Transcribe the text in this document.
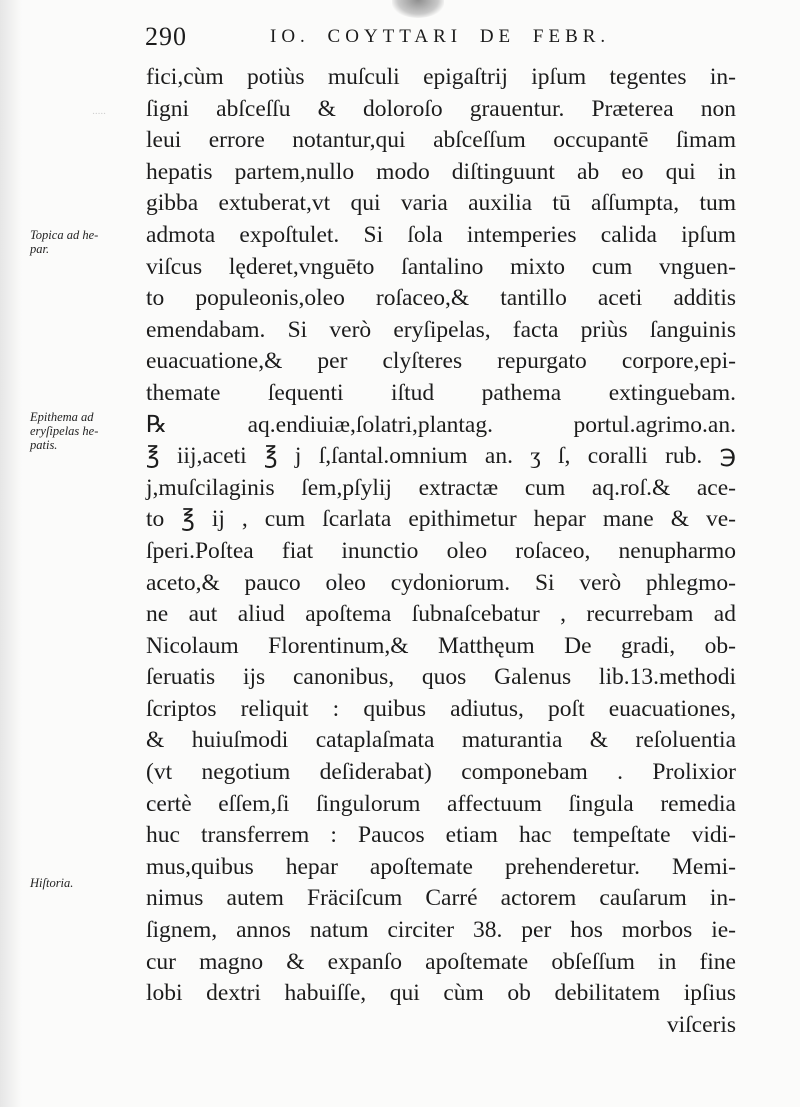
·····
290	IO. COYTTARI DE FEBR.
Topica ad he-
par.
Epithema ad
eryſipelas he-
patis.
Hiſtoria.
fici,cùm potiùs muſculi epigaſtrij ipſum tegentes in-
ſigni abſceſſu & doloroſo grauentur. Præterea non
leui errore notantur,qui abſceſſum occupantē ſimam
hepatis partem,nullo modo diſtinguunt ab eo qui in
gibba extuberat,vt qui varia auxilia tū aſſumpta, tum
admota expoſtulet. Si ſola intemperies calida ipſum
viſcus lęderet,vnguēto ſantalino mixto cum vnguen-
to populeonis,oleo roſaceo,& tantillo aceti additis
emendabam. Si verò eryſipelas, facta priùs ſanguinis
euacuatione,& per clyſteres repurgato corpore,epi-
themate ſequenti iſtud pathema extinguebam.
℞ aq.endiuiæ,ſolatri,plantag. portul.agrimo.an.
℥ iij,aceti ℥ j ſ,ſantal.omnium an. ʒ ſ, coralli rub. ℈
j,muſcilaginis ſem,pſylij extractæ cum aq.roſ.& ace-
to ℥ ij , cum ſcarlata epithimetur hepar mane & ve-
ſperi.Poſtea fiat inunctio oleo roſaceo, nenupharmo
aceto,& pauco oleo cydoniorum. Si verò phlegmo-
ne aut aliud apoſtema ſubnaſcebatur , recurrebam ad
Nicolaum Florentinum,& Matthęum De gradi, ob-
ſeruatis ijs canonibus, quos Galenus lib.13.methodi
ſcriptos reliquit : quibus adiutus, poſt euacuationes,
& huiuſmodi cataplaſmata maturantia & reſoluentia
(vt negotium deſiderabat) componebam . Prolixior
certè eſſem,ſi ſingulorum affectuum ſingula remedia
huc transferrem : Paucos etiam hac tempeſtate vidi-
mus,quibus hepar apoſtemate prehenderetur. Memi-
nimus autem Fräciſcum Carré actorem cauſarum in-
ſignem, annos natum circiter 38. per hos morbos ie-
cur magno & expanſo apoſtemate obſeſſum in fine
lobi dextri habuiſſe, qui cùm ob debilitatem ipſius
viſceris
